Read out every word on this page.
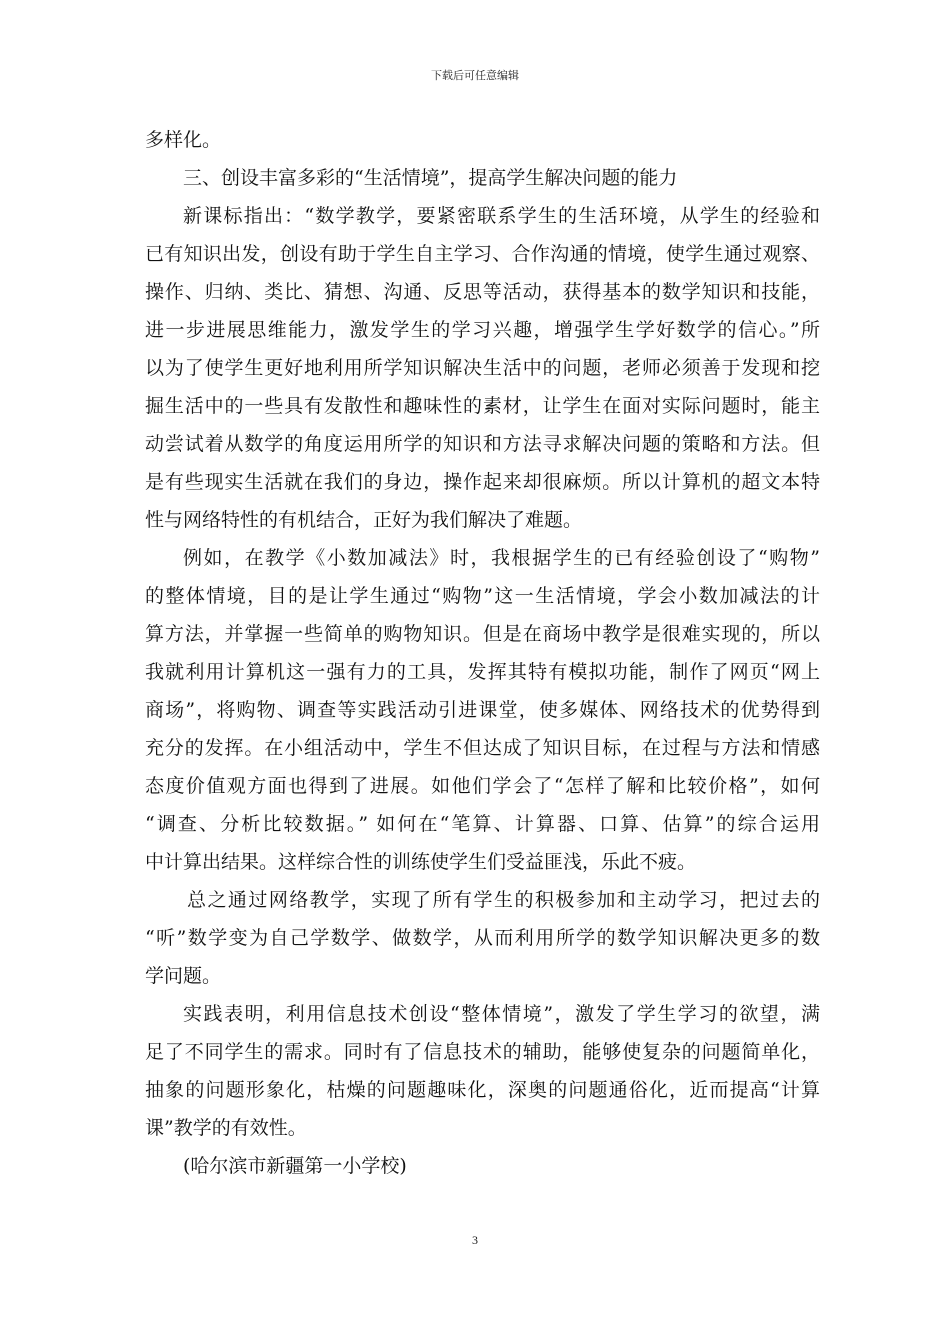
下载后可任意编辑
多样化。
三、创设丰富多彩的“生活情境”，提高学生解决问题的能力
新课标指出：“数学教学，要紧密联系学生的生活环境，从学生的经验和
已有知识出发，创设有助于学生自主学习、合作沟通的情境，使学生通过观察、
操作、归纳、类比、猜想、沟通、反思等活动，获得基本的数学知识和技能，
进一步进展思维能力，激发学生的学习兴趣，增强学生学好数学的信心。”所
以为了使学生更好地利用所学知识解决生活中的问题，老师必须善于发现和挖
掘生活中的一些具有发散性和趣味性的素材，让学生在面对实际问题时，能主
动尝试着从数学的角度运用所学的知识和方法寻求解决问题的策略和方法。但
是有些现实生活就在我们的身边，操作起来却很麻烦。所以计算机的超文本特
性与网络特性的有机结合，正好为我们解决了难题。
例如，在教学《小数加减法》时，我根据学生的已有经验创设了“购物”
的整体情境，目的是让学生通过“购物”这一生活情境，学会小数加减法的计
算方法，并掌握一些简单的购物知识。但是在商场中教学是很难实现的，所以
我就利用计算机这一强有力的工具，发挥其特有模拟功能，制作了网页“网上
商场”，将购物、调查等实践活动引进课堂，使多媒体、网络技术的优势得到
充分的发挥。在小组活动中，学生不但达成了知识目标，在过程与方法和情感
态度价值观方面也得到了进展。如他们学会了“怎样了解和比较价格”，如何
“调查、分析比较数据。” 如何在“笔算、计算器、口算、估算”的综合运用
中计算出结果。这样综合性的训练使学生们受益匪浅，乐此不疲。
总之通过网络教学，实现了所有学生的积极参加和主动学习，把过去的
“听”数学变为自己学数学、做数学，从而利用所学的数学知识解决更多的数
学问题。
实践表明，利用信息技术创设“整体情境”，激发了学生学习的欲望，满
足了不同学生的需求。同时有了信息技术的辅助，能够使复杂的问题简单化，
抽象的问题形象化，枯燥的问题趣味化，深奥的问题通俗化，近而提高“计算
课”教学的有效性。
(哈尔滨市新疆第一小学校)
3
